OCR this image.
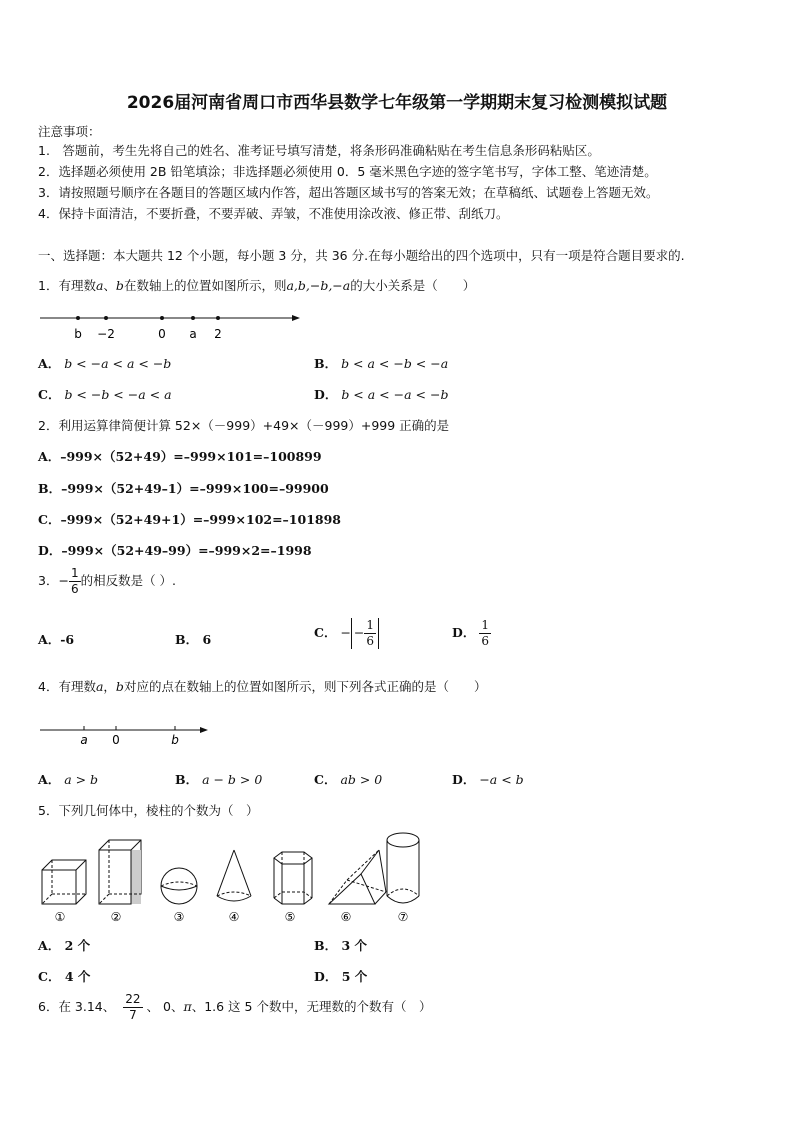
2026届河南省周口市西华县数学七年级第一学期期末复习检测模拟试题
注意事项：
1.　答题前，考生先将自己的姓名、准考证号填写清楚，将条形码准确粘贴在考生信息条形码粘贴区。
2．选择题必须使用 2B 铅笔填涂；非选择题必须使用 0．5 毫米黑色字迹的签字笔书写，字体工整、笔迹清楚。
3．请按照题号顺序在各题目的答题区域内作答，超出答题区域书写的答案无效；在草稿纸、试题卷上答题无效。
4．保持卡面清洁，不要折叠，不要弄破、弄皱，不准使用涂改液、修正带、刮纸刀。
一、选择题：本大题共 12 个小题，每小题 3 分，共 36 分.在每小题给出的四个选项中，只有一项是符合题目要求的.
1．有理数a、b在数轴上的位置如图所示，则a,b,−b,−a的大小关系是（　　）
b −2	0 a 2
A． b < −a < a < −b	B． b < a < −b < −a
C． b < −b < −a < a	D． b < a < −a < −b
2．利用运算律简便计算 52×（－999）+49×（－999）+999 正确的是
A．–999×（52+49）=–999×101=–100899
B．–999×（52+49–1）=–999×100=–99900
C．–999×（52+49+1）=–999×102=–101898
D．–999×（52+49–99）=–999×2=–1998
3．− $\frac{1}{6}$ 的相反数是（ ）.
A．-6	B． 6	C． − − $\frac{1}{6}$	D． $\frac{1}{6}$
4．有理数a，b对应的点在数轴上的位置如图所示，则下列各式正确的是（　　）
a 0	b
A． a > b	B． a − b > 0	C． ab > 0	D． −a < b
5．下列几何体中，棱柱的个数为（　）
①	②	③	④	⑤	⑥	⑦
A． 2 个	B． 3 个
C． 4 个	D． 5 个
6．在 3.14、 $\frac{22}{7}$ 、 0、π、1.6 这 5 个数中，无理数的个数有（　）
